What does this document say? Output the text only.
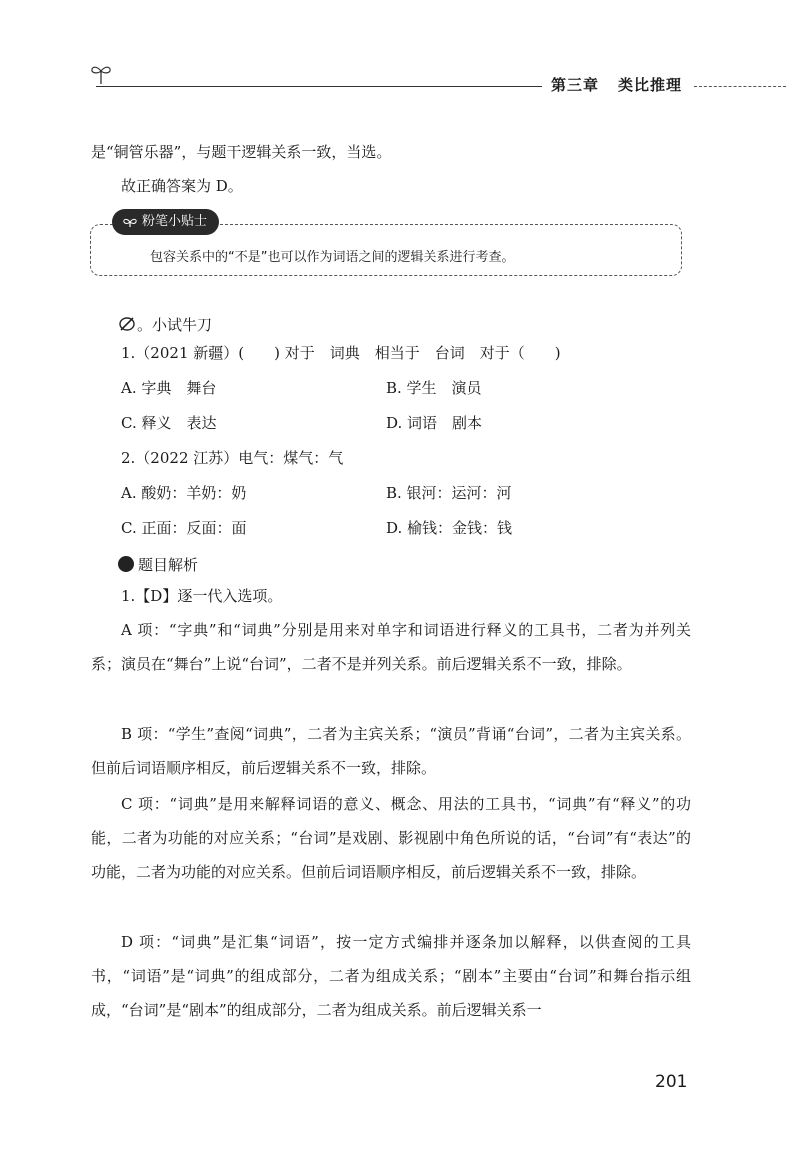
第三章 类比推理
是“铜管乐器”，与题干逻辑关系一致，当选。
故正确答案为 D。
粉笔小贴士
包容关系中的“不是”也可以作为词语之间的逻辑关系进行考查。
。小试牛刀
1.（2021 新疆）(　　) 对于　词典　相当于　台词　对于（　　)
A. 字典　舞台	B. 学生　演员
C. 释义　表达	D. 词语　剧本
2.（2022 江苏）电气：煤气：气
A. 酸奶：羊奶：奶	B. 银河：运河：河
C. 正面：反面：面	D. 榆钱：金钱：钱
题目解析
1.【D】逐一代入选项。
A 项：“字典”和“词典”分别是用来对单字和词语进行释义的工具书，二者为并列关系；演员在“舞台”上说“台词”，二者不是并列关系。前后逻辑关系不一致，排除。
B 项：“学生”查阅“词典”，二者为主宾关系；“演员”背诵“台词”，二者为主宾关系。但前后词语顺序相反，前后逻辑关系不一致，排除。
C 项：“词典”是用来解释词语的意义、概念、用法的工具书，“词典”有“释义”的功能，二者为功能的对应关系；“台词”是戏剧、影视剧中角色所说的话，“台词”有“表达”的功能，二者为功能的对应关系。但前后词语顺序相反，前后逻辑关系不一致，排除。
D 项：“词典”是汇集“词语”，按一定方式编排并逐条加以解释，以供查阅的工具书，“词语”是“词典”的组成部分，二者为组成关系；“剧本”主要由“台词”和舞台指示组成，“台词”是“剧本”的组成部分，二者为组成关系。前后逻辑关系一
201
